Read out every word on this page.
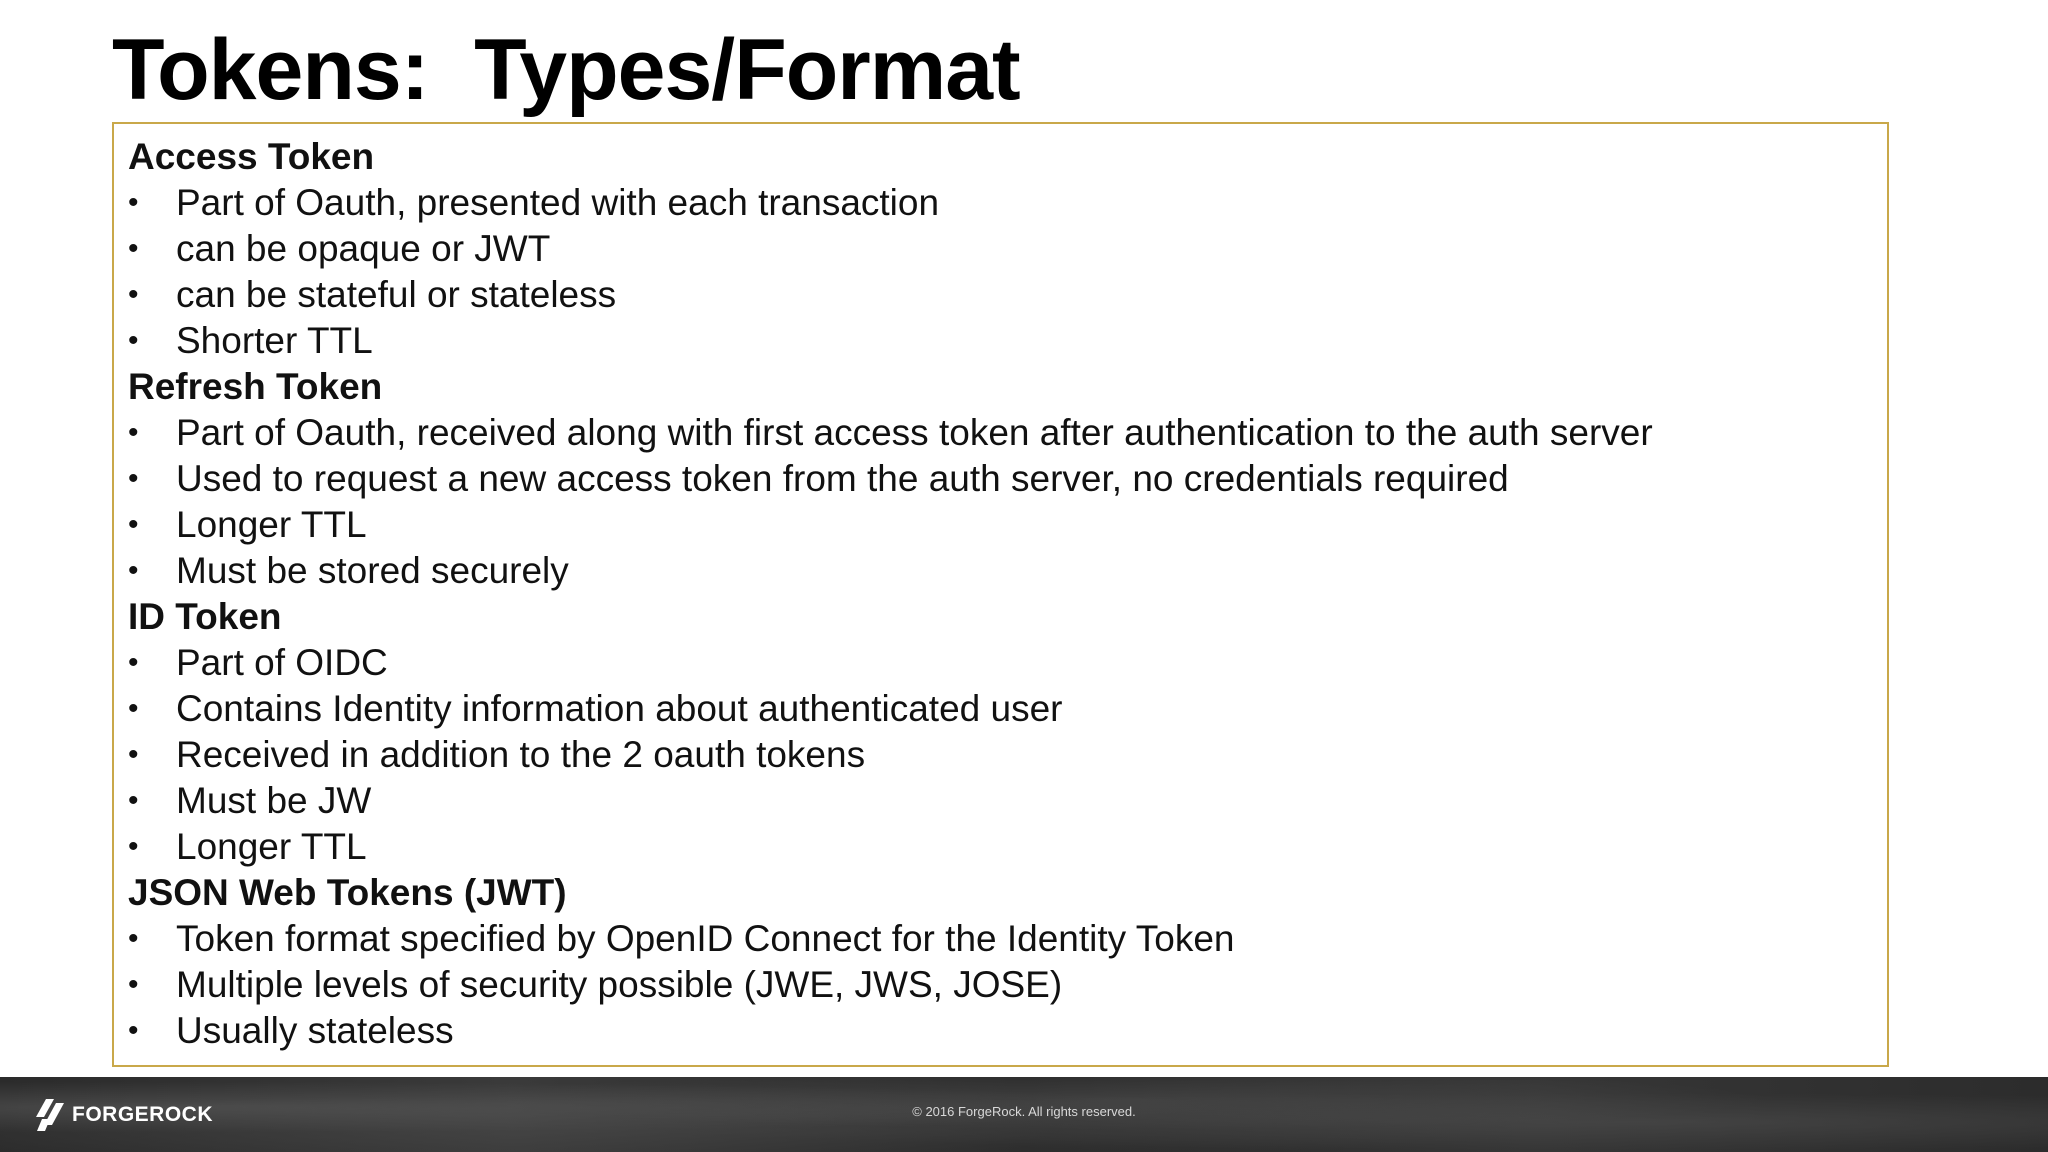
Tokens:  Types/Format
Access Token
•	Part of Oauth, presented with each transaction
•	can be opaque or JWT
•	can be stateful or stateless
•	Shorter TTL
Refresh Token
•	Part of Oauth, received along with first access token after authentication to the auth server
•	Used to request a new access token from the auth server, no credentials required
•	Longer TTL
•	Must be stored securely
ID Token
•	Part of OIDC
•	Contains Identity information about authenticated user
•	Received in addition to the 2 oauth tokens
•	Must be JW
•	Longer TTL
JSON Web Tokens (JWT)
•	Token format specified by OpenID Connect for the Identity Token
•	Multiple levels of security possible (JWE, JWS, JOSE)
•	Usually stateless
FORGEROCK	© 2016 ForgeRock. All rights reserved.
